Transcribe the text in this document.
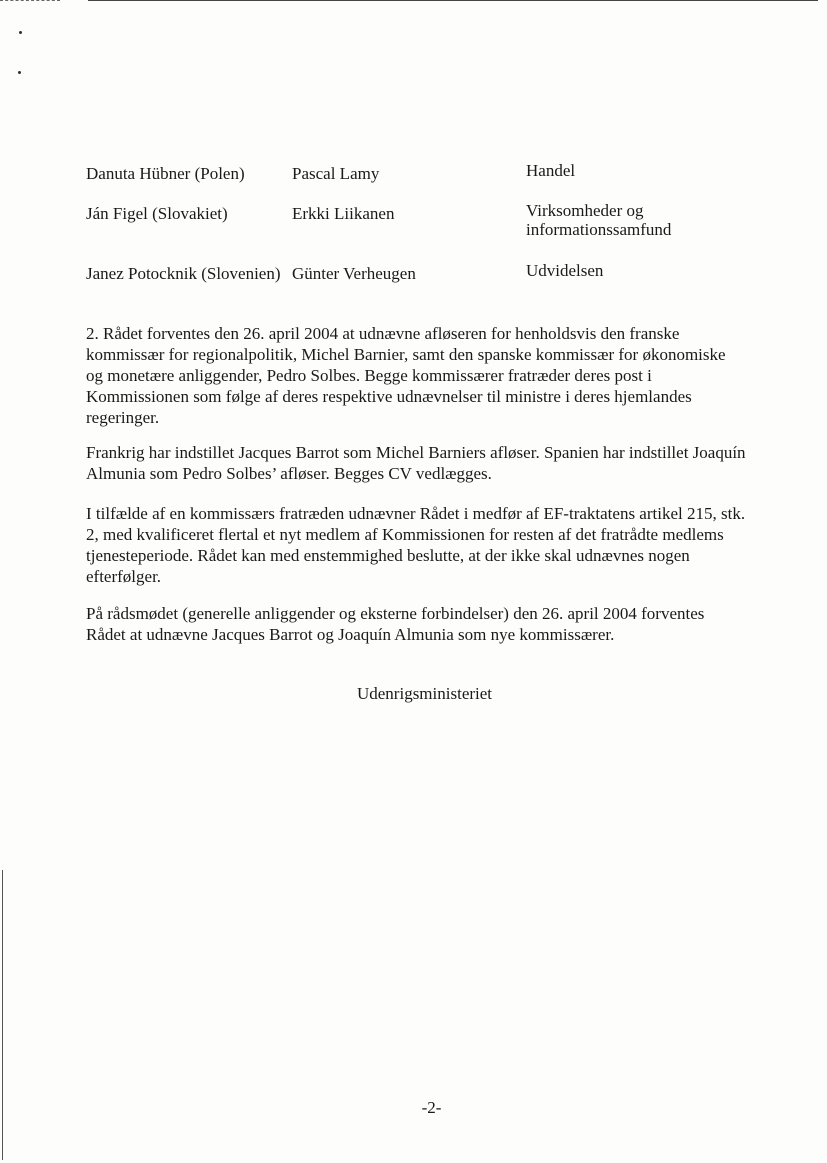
Danuta Hübner (Polen)	Pascal Lamy	Handel
Ján Figel (Slovakiet)	Erkki Liikanen	Virksomheder og
informationssamfund
Janez Potocknik (Slovenien) Günter Verheugen	Udvidelsen
2. Rådet forventes den 26. april 2004 at udnævne afløseren for henholdsvis den franske kommissær for regionalpolitik, Michel Barnier, samt den spanske kommissær for økonomiske og monetære anliggender, Pedro Solbes. Begge kommissærer fratræder deres post i Kommissionen som følge af deres respektive udnævnelser til ministre i deres hjemlandes regeringer.
Frankrig har indstillet Jacques Barrot som Michel Barniers afløser. Spanien har indstillet Joaquín Almunia som Pedro Solbes’ afløser. Begges CV vedlægges.
I tilfælde af en kommissærs fratræden udnævner Rådet i medfør af EF-traktatens artikel 215, stk. 2, med kvalificeret flertal et nyt medlem af Kommissionen for resten af det fratrådte medlems tjenesteperiode. Rådet kan med enstemmighed beslutte, at der ikke skal udnævnes nogen efterfølger.
På rådsmødet (generelle anliggender og eksterne forbindelser) den 26. april 2004 forventes Rådet at udnævne Jacques Barrot og Joaquín Almunia som nye kommissærer.
Udenrigsministeriet
-2-
